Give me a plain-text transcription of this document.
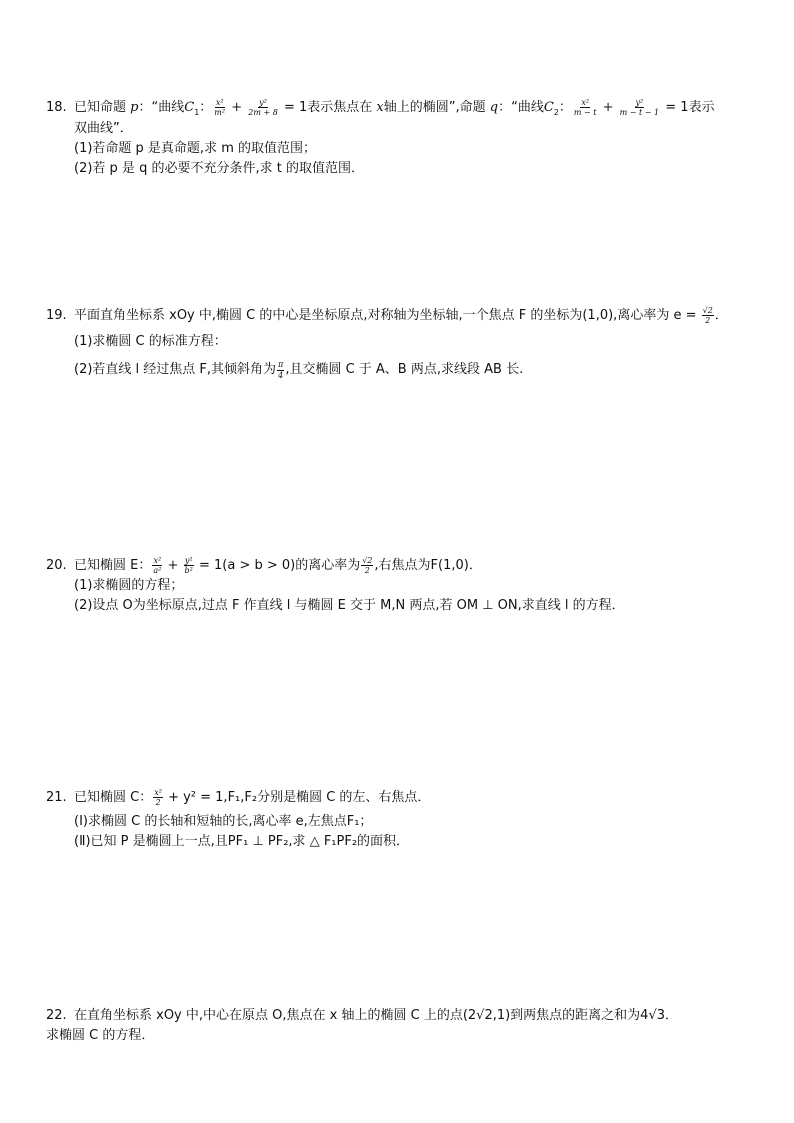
18. 已知命题 p：“曲线$C_1$： $\frac{\text{x²}}{\text{m²}} + \frac{\text{y²}}{2m + 8} = 1$表示焦点在 x轴上的椭圆”,命题 q：“曲线$C_2$： $\frac{\text{x²}}{m - t} + \frac{\text{y²}}{m - t - 1} = 1$表示
双曲线”．
(1)若命题 p 是真命题,求 m 的取值范围；
(2)若 p 是 q 的必要不充分条件,求 t 的取值范围．
19. 平面直角坐标系 xOy 中,椭圆 C 的中心是坐标原点,对称轴为坐标轴,一个焦点 F 的坐标为(1,0),离心率为 $e = \frac{√2}{2}$ ．
(1)求椭圆 C 的标准方程：
(2)若直线 l 经过焦点 F,其倾斜角为 $\frac{\pi}{4}$ ,且交椭圆 C 于 A、B 两点,求线段 AB 长.
20. 已知椭圆 E： $\frac{\text{x²}}{\text{a²}} + \frac{\text{y²}}{\text{b²}} = 1(a > b > 0)$的离心率为 $\frac{√2}{2}$ ,右焦点为F(1,0)．
(1)求椭圆的方程；
(2)设点 O为坐标原点,过点 F 作直线 l 与椭圆 E 交于 M,N 两点,若 OM ⊥ ON,求直线 l 的方程．
21. 已知椭圆 C： $\frac{\text{x²}}{2} + y^2 = 1,F_1,F_2$分别是椭圆 C 的左、右焦点．
(Ⅰ)求椭圆 C 的长轴和短轴的长,离心率 e,左焦点F₁；
(Ⅱ)已知 P 是椭圆上一点,且PF₁ ⊥ PF₂,求 △ F₁PF₂的面积．
22. 在直角坐标系 xOy 中,中心在原点 O,焦点在 x 轴上的椭圆 C 上的点(2√2,1)到两焦点的距离之和为4√3．
求椭圆 C 的方程．
